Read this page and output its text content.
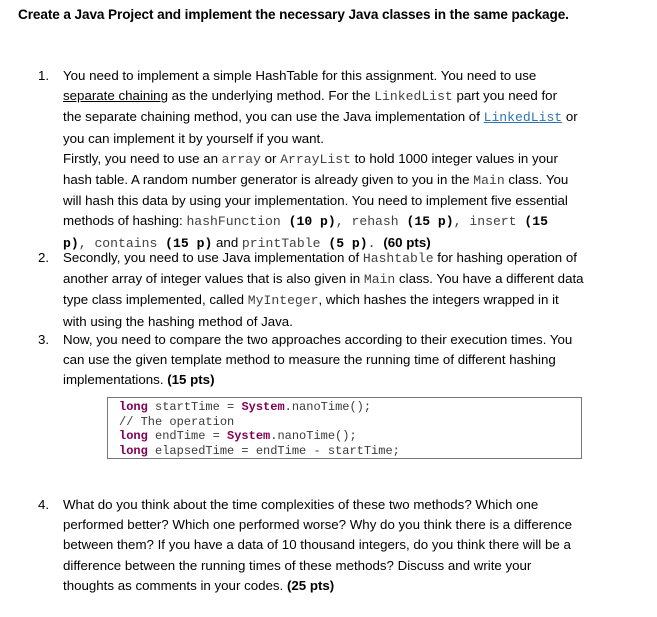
Create a Java Project and implement the necessary Java classes in the same package.
1.	You need to implement a simple HashTable for this assignment. You need to use
separate chaining as the underlying method. For the LinkedList part you need for
the separate chaining method, you can use the Java implementation of LinkedList or
you can implement it by yourself if you want.
Firstly, you need to use an array or ArrayList to hold 1000 integer values in your
hash table. A random number generator is already given to you in the Main class. You
will hash this data by using your implementation. You need to implement five essential
methods of hashing: hashFunction (10 p), rehash (15 p), insert (15
p), contains (15 p) and printTable (5 p). (60 pts)
2.	Secondly, you need to use Java implementation of Hashtable for hashing operation of
another array of integer values that is also given in Main class. You have a different data
type class implemented, called MyInteger, which hashes the integers wrapped in it
with using the hashing method of Java.
3.	Now, you need to compare the two approaches according to their execution times. You
can use the given template method to measure the running time of different hashing
implementations. (15 pts)
long startTime = System.nanoTime();
// The operation
long endTime = System.nanoTime();
long elapsedTime = endTime - startTime;
4.	What do you think about the time complexities of these two methods? Which one
performed better? Which one performed worse? Why do you think there is a difference
between them? If you have a data of 10 thousand integers, do you think there will be a
difference between the running times of these methods? Discuss and write your
thoughts as comments in your codes. (25 pts)
